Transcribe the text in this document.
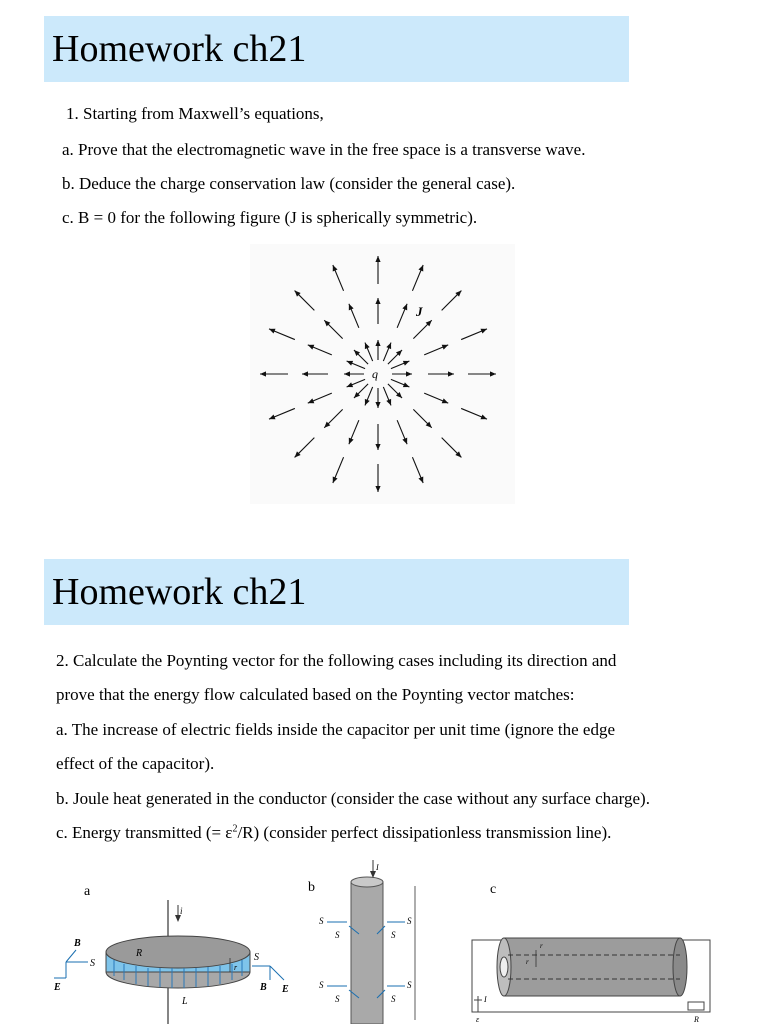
Homework ch21
1. Starting from Maxwell’s equations,
a. Prove that the electromagnetic wave in the free space is a transverse wave.
b. Deduce the charge conservation law (consider the general case).
c. B = 0 for the following figure (J is spherically symmetric).
q
J
Homework ch21
2. Calculate the Poynting vector for the following cases including its direction and
prove that the energy flow calculated based on the Poynting vector matches:
a. The increase of electric fields inside the capacitor per unit time (ignore the edge
effect of the capacitor).
b. Joule heat generated in the conductor (consider the case without any surface charge).
c. Energy transmitted (= $\varepsilon^2/R$) (consider perfect dissipationless transmission line).
a	b	c
i
R
L
r
B
S
E
S
B E
I
S
S
S
S
S
S
S
S
r
r
I
ε	R
